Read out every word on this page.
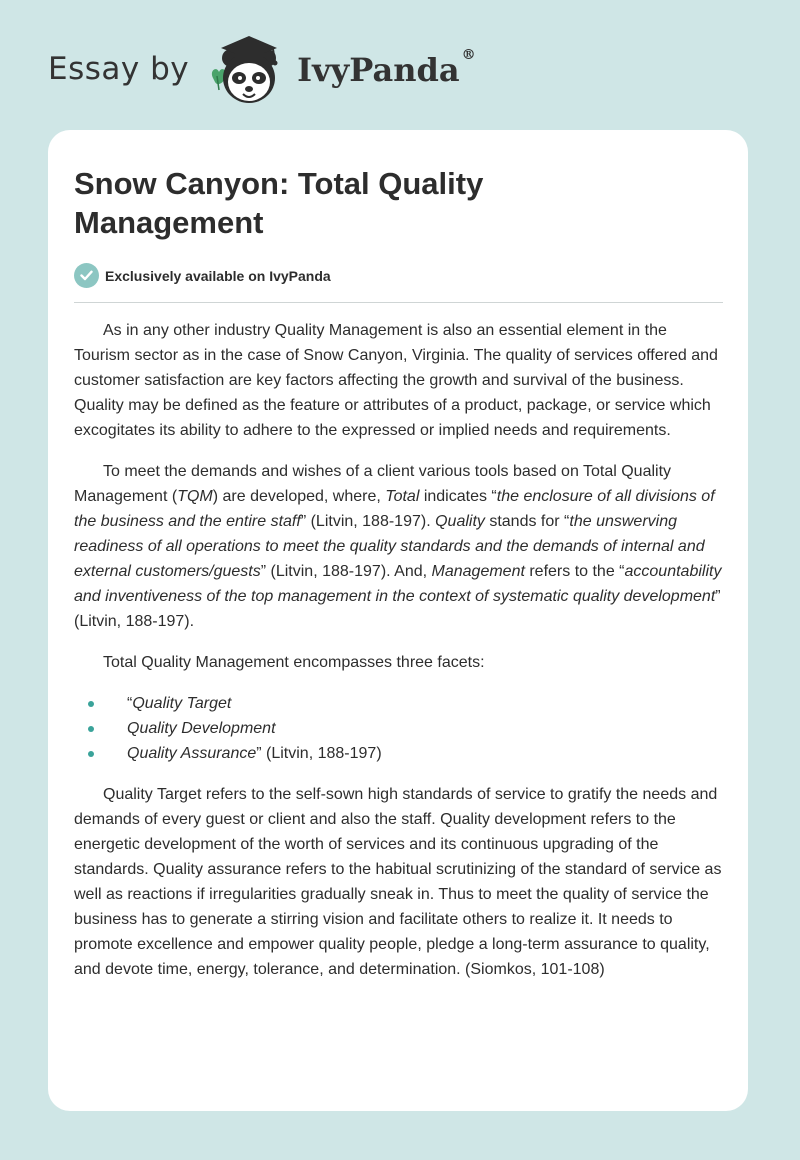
Essay by	IvyPanda ®
Snow Canyon: Total Quality Management
Exclusively available on IvyPanda

As in any other industry Quality Management is also an essential element in the Tourism sector as in the case of Snow Canyon, Virginia. The quality of services offered and customer satisfaction are key factors affecting the growth and survival of the business. Quality may be defined as the feature or attributes of a product, package, or service which excogitates its ability to adhere to the expressed or implied needs and requirements.

To meet the demands and wishes of a client various tools based on Total Quality Management (TQM) are developed, where, Total indicates “the enclosure of all divisions of the business and the entire staff” (Litvin, 188-197). Quality stands for “the unswerving readiness of all operations to meet the quality standards and the demands of internal and external customers/guests” (Litvin, 188-197). And, Management refers to the “accountability and inventiveness of the top management in the context of systematic quality development” (Litvin, 188-197).

Total Quality Management encompasses three facets:

“Quality Target
Quality Development
Quality Assurance” (Litvin, 188-197)

Quality Target refers to the self-sown high standards of service to gratify the needs and demands of every guest or client and also the staff. Quality development refers to the energetic development of the worth of services and its continuous upgrading of the standards. Quality assurance refers to the habitual scrutinizing of the standard of service as well as reactions if irregularities gradually sneak in. Thus to meet the quality of service the business has to generate a stirring vision and facilitate others to realize it. It needs to promote excellence and empower quality people, pledge a long-term assurance to quality, and devote time, energy, tolerance, and determination. (Siomkos, 101-108)
